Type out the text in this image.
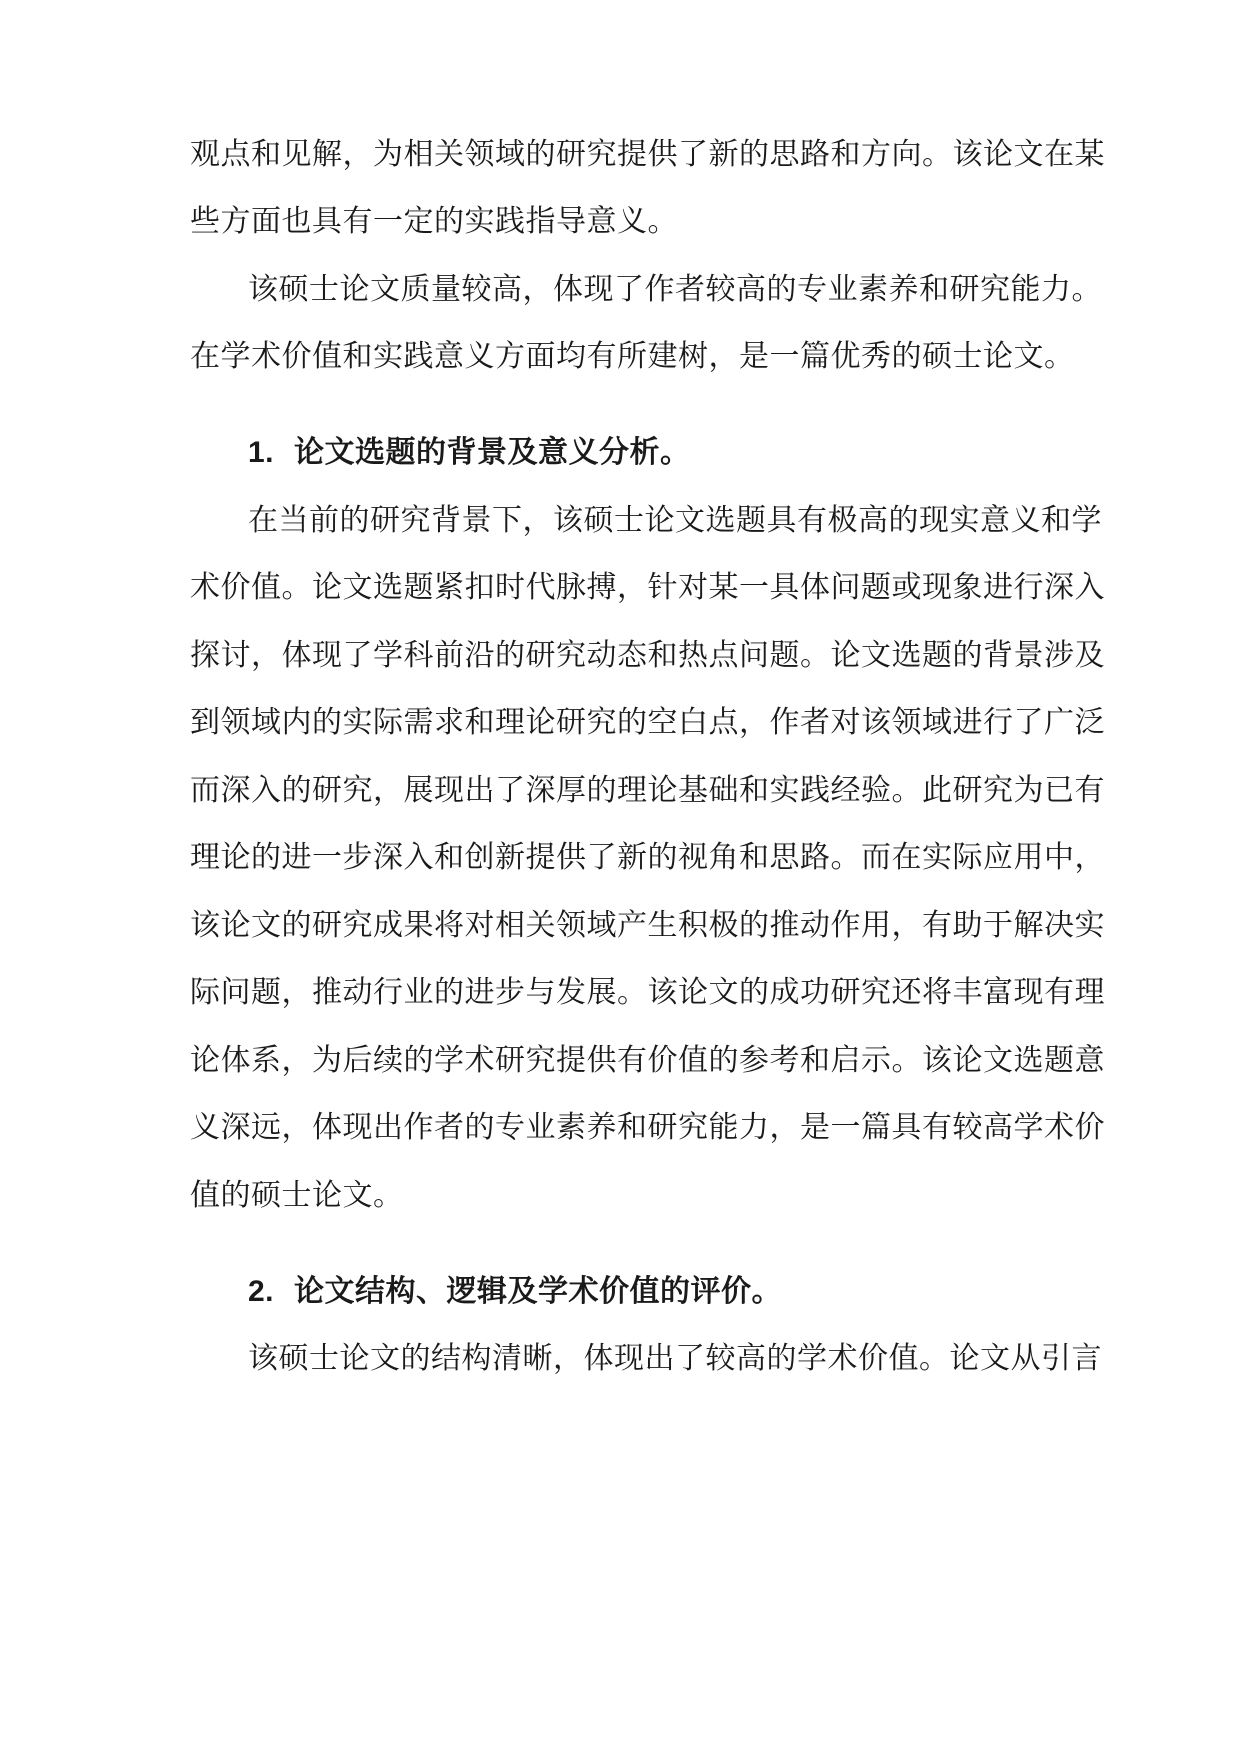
观点和见解，为相关领域的研究提供了新的思路和方向。该论文在某
些方面也具有一定的实践指导意义。
该硕士论文质量较高，体现了作者较高的专业素养和研究能力。
在学术价值和实践意义方面均有所建树，是一篇优秀的硕士论文。
1. 论文选题的背景及意义分析。
在当前的研究背景下，该硕士论文选题具有极高的现实意义和学
术价值。论文选题紧扣时代脉搏，针对某一具体问题或现象进行深入
探讨，体现了学科前沿的研究动态和热点问题。论文选题的背景涉及
到领域内的实际需求和理论研究的空白点，作者对该领域进行了广泛
而深入的研究，展现出了深厚的理论基础和实践经验。此研究为已有
理论的进一步深入和创新提供了新的视角和思路。而在实际应用中，
该论文的研究成果将对相关领域产生积极的推动作用，有助于解决实
际问题，推动行业的进步与发展。该论文的成功研究还将丰富现有理
论体系，为后续的学术研究提供有价值的参考和启示。该论文选题意
义深远，体现出作者的专业素养和研究能力，是一篇具有较高学术价
值的硕士论文。
2. 论文结构、逻辑及学术价值的评价。
该硕士论文的结构清晰，体现出了较高的学术价值。论文从引言
